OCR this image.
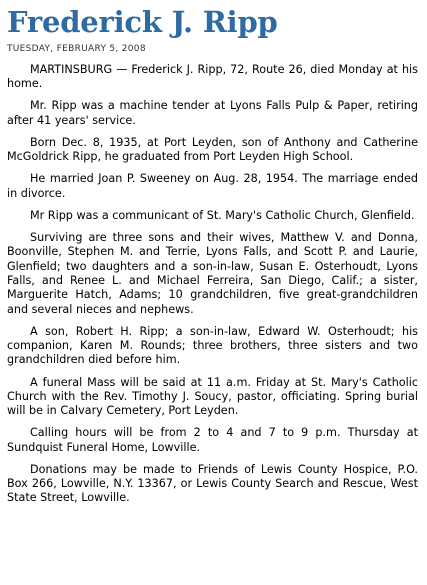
Frederick J. Ripp
TUESDAY, FEBRUARY 5, 2008

MARTINSBURG — Frederick J. Ripp, 72, Route 26, died Monday at his home.

Mr. Ripp was a machine tender at Lyons Falls Pulp & Paper, retiring after 41 years' service.

Born Dec. 8, 1935, at Port Leyden, son of Anthony and Catherine McGoldrick Ripp, he graduated from Port Leyden High School.

He married Joan P. Sweeney on Aug. 28, 1954. The marriage ended in divorce.

Mr Ripp was a communicant of St. Mary's Catholic Church, Glenfield.

Surviving are three sons and their wives, Matthew V. and Donna, Boonville, Stephen M. and Terrie, Lyons Falls, and Scott P. and Laurie, Glenfield; two daughters and a son-in-law, Susan E. Osterhoudt, Lyons Falls, and Renee L. and Michael Ferreira, San Diego, Calif.; a sister, Marguerite Hatch, Adams; 10 grandchildren, five great-grandchildren and several nieces and nephews.

A son, Robert H. Ripp; a son-in-law, Edward W. Osterhoudt; his companion, Karen M. Rounds; three brothers, three sisters and two grandchildren died before him.

A funeral Mass will be said at 11 a.m. Friday at St. Mary's Catholic Church with the Rev. Timothy J. Soucy, pastor, officiating. Spring burial will be in Calvary Cemetery, Port Leyden.

Calling hours will be from 2 to 4 and 7 to 9 p.m. Thursday at Sundquist Funeral Home, Lowville.

Donations may be made to Friends of Lewis County Hospice, P.O. Box 266, Lowville, N.Y. 13367, or Lewis County Search and Rescue, West State Street, Lowville.
